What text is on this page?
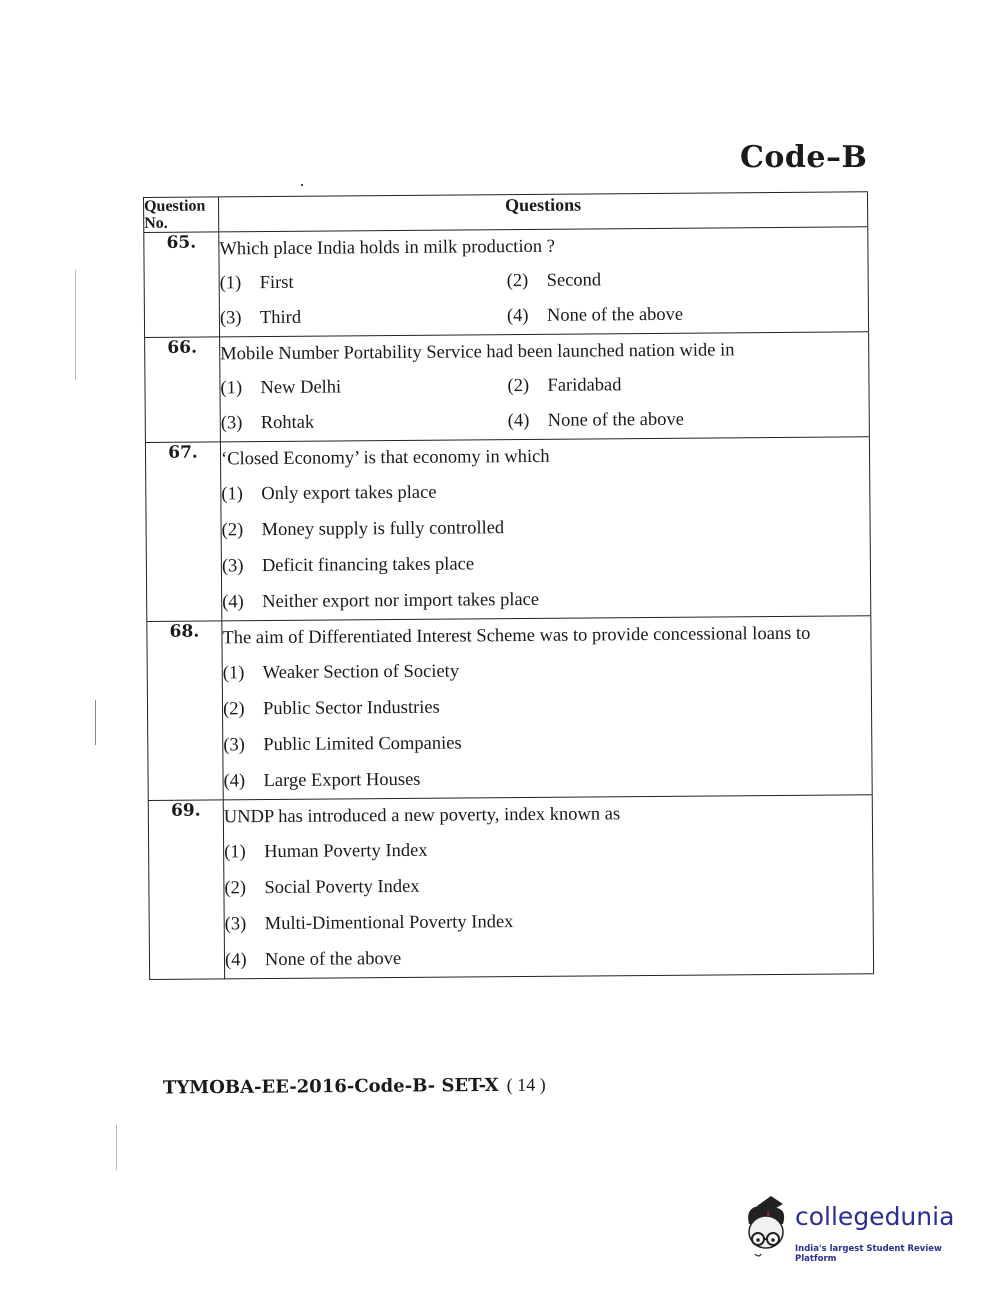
Code–B
Question No.	Questions
65.	Which place India holds in milk production ?
(1) First (2) Second
(3) Third (4) None of the above

66.	Mobile Number Portability Service had been launched nation wide in
(1) New Delhi (2) Faridabad
(3) Rohtak (4) None of the above

67.	‘Closed Economy’ is that economy in which
(1) Only export takes place
(2) Money supply is fully controlled
(3) Deficit financing takes place
(4) Neither export nor import takes place

68.	The aim of Differentiated Interest Scheme was to provide concessional loans to
(1) Weaker Section of Society
(2) Public Sector Industries
(3) Public Limited Companies
(4) Large Export Houses

69.	UNDP has introduced a new poverty, index known as
(1) Human Poverty Index
(2) Social Poverty Index
(3) Multi-Dimentional Poverty Index
(4) None of the above
TYMOBA-EE-2016-Code-B- SET-X ( 14 )
collegedunia
India's largest Student Review Platform
